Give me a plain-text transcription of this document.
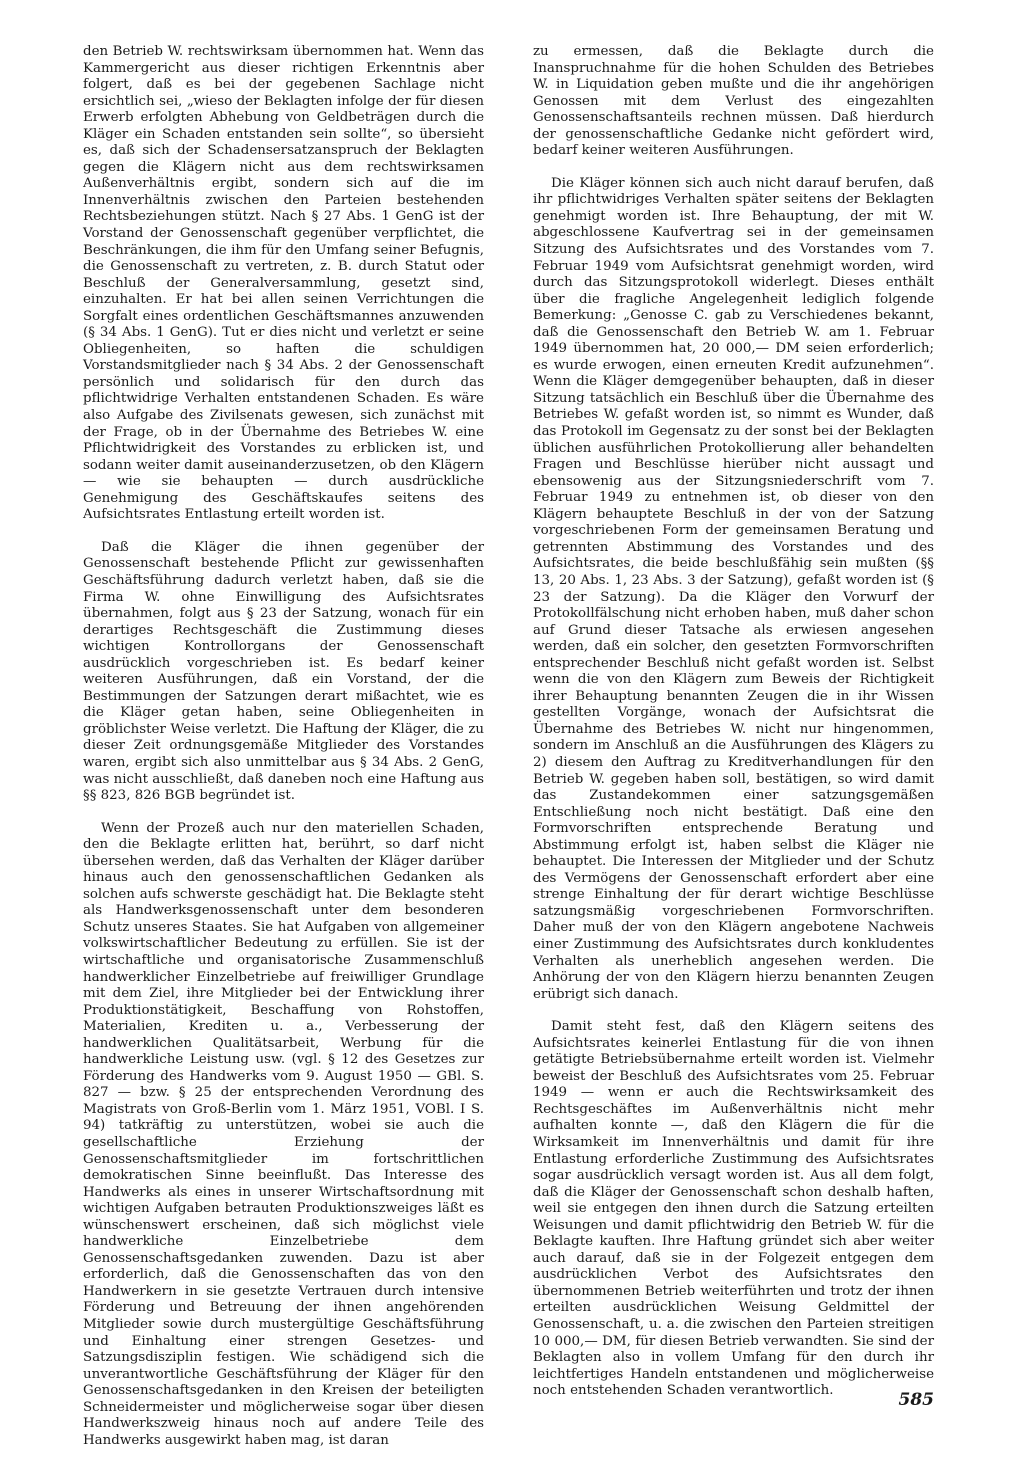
den Betrieb W. rechtswirksam übernommen hat. Wenn das Kammergericht aus dieser richtigen Erkenntnis aber folgert, daß es bei der gegebenen Sachlage nicht ersichtlich sei, „wieso der Beklagten infolge der für diesen Erwerb erfolgten Abhebung von Geldbeträgen durch die Kläger ein Schaden entstanden sein sollte“, so übersieht es, daß sich der Schadensersatzanspruch der Beklagten gegen die Klägern nicht aus dem rechtswirksamen Außenverhältnis ergibt, sondern sich auf die im Innenverhältnis zwischen den Parteien bestehenden Rechtsbeziehungen stützt. Nach § 27 Abs. 1 GenG ist der Vorstand der Genossenschaft gegenüber verpflichtet, die Beschränkungen, die ihm für den Umfang seiner Befugnis, die Genossenschaft zu vertreten, z. B. durch Statut oder Beschluß der Generalversammlung, gesetzt sind, einzuhalten. Er hat bei allen seinen Verrichtungen die Sorgfalt eines ordentlichen Geschäftsmannes anzuwenden (§ 34 Abs. 1 GenG). Tut er dies nicht und verletzt er seine Obliegenheiten, so haften die schuldigen Vorstandsmitglieder nach § 34 Abs. 2 der Genossenschaft persönlich und solidarisch für den durch das pflichtwidrige Verhalten entstandenen Schaden. Es wäre also Aufgabe des Zivilsenats gewesen, sich zunächst mit der Frage, ob in der Übernahme des Betriebes W. eine Pflichtwidrigkeit des Vorstandes zu erblicken ist, und sodann weiter damit auseinanderzusetzen, ob den Klägern — wie sie behaupten — durch ausdrückliche Genehmigung des Geschäftskaufes seitens des Aufsichtsrates Entlastung erteilt worden ist.

Daß die Kläger die ihnen gegenüber der Genossenschaft bestehende Pflicht zur gewissenhaften Geschäftsführung dadurch verletzt haben, daß sie die Firma W. ohne Einwilligung des Aufsichtsrates übernahmen, folgt aus § 23 der Satzung, wonach für ein derartiges Rechtsgeschäft die Zustimmung dieses wichtigen Kontrollorgans der Genossenschaft ausdrücklich vorgeschrieben ist. Es bedarf keiner weiteren Ausführungen, daß ein Vorstand, der die Bestimmungen der Satzungen derart mißachtet, wie es die Kläger getan haben, seine Obliegenheiten in gröblichster Weise verletzt. Die Haftung der Kläger, die zu dieser Zeit ordnungsgemäße Mitglieder des Vorstandes waren, ergibt sich also unmittelbar aus § 34 Abs. 2 GenG, was nicht ausschließt, daß daneben noch eine Haftung aus §§ 823, 826 BGB begründet ist.

Wenn der Prozeß auch nur den materiellen Schaden, den die Beklagte erlitten hat, berührt, so darf nicht übersehen werden, daß das Verhalten der Kläger darüber hinaus auch den genossenschaftlichen Gedanken als solchen aufs schwerste geschädigt hat. Die Beklagte steht als Handwerksgenossenschaft unter dem besonderen Schutz unseres Staates. Sie hat Aufgaben von allgemeiner volkswirtschaftlicher Bedeutung zu erfüllen. Sie ist der wirtschaftliche und organisatorische Zusammenschluß handwerklicher Einzelbetriebe auf freiwilliger Grundlage mit dem Ziel, ihre Mitglieder bei der Entwicklung ihrer Produktionstätigkeit, Beschaffung von Rohstoffen, Materialien, Krediten u. a., Verbesserung der handwerklichen Qualitätsarbeit, Werbung für die handwerkliche Leistung usw. (vgl. § 12 des Gesetzes zur Förderung des Handwerks vom 9. August 1950 — GBl. S. 827 — bzw. § 25 der entsprechenden Verordnung des Magistrats von Groß-Berlin vom 1. März 1951, VOBl. I S. 94) tatkräftig zu unterstützen, wobei sie auch die gesellschaftliche Erziehung der Genossenschaftsmitglieder im fortschrittlichen demokratischen Sinne beeinflußt. Das Interesse des Handwerks als eines in unserer Wirtschaftsordnung mit wichtigen Aufgaben betrauten Produktionszweiges läßt es wünschenswert erscheinen, daß sich möglichst viele handwerkliche Einzelbetriebe dem Genossenschaftsgedanken zuwenden. Dazu ist aber erforderlich, daß die Genossenschaften das von den Handwerkern in sie gesetzte Vertrauen durch intensive Förderung und Betreuung der ihnen angehörenden Mitglieder sowie durch mustergültige Geschäftsführung und Einhaltung einer strengen Gesetzes- und Satzungsdisziplin festigen. Wie schädigend sich die unverantwortliche Geschäftsführung der Kläger für den Genossenschaftsgedanken in den Kreisen der beteiligten Schneidermeister und möglicherweise sogar über diesen Handwerkszweig hinaus noch auf andere Teile des Handwerks ausgewirkt haben mag, ist daran

zu ermessen, daß die Beklagte durch die Inanspruchnahme für die hohen Schulden des Betriebes W. in Liquidation geben mußte und die ihr angehörigen Genossen mit dem Verlust des eingezahlten Genossenschaftsanteils rechnen müssen. Daß hierdurch der genossenschaftliche Gedanke nicht gefördert wird, bedarf keiner weiteren Ausführungen.

Die Kläger können sich auch nicht darauf berufen, daß ihr pflichtwidriges Verhalten später seitens der Beklagten genehmigt worden ist. Ihre Behauptung, der mit W. abgeschlossene Kaufvertrag sei in der gemeinsamen Sitzung des Aufsichtsrates und des Vorstandes vom 7. Februar 1949 vom Aufsichtsrat genehmigt worden, wird durch das Sitzungsprotokoll widerlegt. Dieses enthält über die fragliche Angelegenheit lediglich folgende Bemerkung: „Genosse C. gab zu Verschiedenes bekannt, daß die Genossenschaft den Betrieb W. am 1. Februar 1949 übernommen hat, 20 000,— DM seien erforderlich; es wurde erwogen, einen erneuten Kredit aufzunehmen“. Wenn die Kläger demgegenüber behaupten, daß in dieser Sitzung tatsächlich ein Beschluß über die Übernahme des Betriebes W. gefaßt worden ist, so nimmt es Wunder, daß das Protokoll im Gegensatz zu der sonst bei der Beklagten üblichen ausführlichen Protokollierung aller behandelten Fragen und Beschlüsse hierüber nicht aussagt und ebensowenig aus der Sitzungsniederschrift vom 7. Februar 1949 zu entnehmen ist, ob dieser von den Klägern behauptete Beschluß in der von der Satzung vorgeschriebenen Form der gemeinsamen Beratung und getrennten Abstimmung des Vorstandes und des Aufsichtsrates, die beide beschlußfähig sein mußten (§§ 13, 20 Abs. 1, 23 Abs. 3 der Satzung), gefaßt worden ist (§ 23 der Satzung). Da die Kläger den Vorwurf der Protokollfälschung nicht erhoben haben, muß daher schon auf Grund dieser Tatsache als erwiesen angesehen werden, daß ein solcher, den gesetzten Formvorschriften entsprechender Beschluß nicht gefaßt worden ist. Selbst wenn die von den Klägern zum Beweis der Richtigkeit ihrer Behauptung benannten Zeugen die in ihr Wissen gestellten Vorgänge, wonach der Aufsichtsrat die Übernahme des Betriebes W. nicht nur hingenommen, sondern im Anschluß an die Ausführungen des Klägers zu 2) diesem den Auftrag zu Kreditverhandlungen für den Betrieb W. gegeben haben soll, bestätigen, so wird damit das Zustandekommen einer satzungsgemäßen Entschließung noch nicht bestätigt. Daß eine den Formvorschriften entsprechende Beratung und Abstimmung erfolgt ist, haben selbst die Kläger nie behauptet. Die Interessen der Mitglieder und der Schutz des Vermögens der Genossenschaft erfordert aber eine strenge Einhaltung der für derart wichtige Beschlüsse satzungsmäßig vorgeschriebenen Formvorschriften. Daher muß der von den Klägern angebotene Nachweis einer Zustimmung des Aufsichtsrates durch konkludentes Verhalten als unerheblich angesehen werden. Die Anhörung der von den Klägern hierzu benannten Zeugen erübrigt sich danach.

Damit steht fest, daß den Klägern seitens des Aufsichtsrates keinerlei Entlastung für die von ihnen getätigte Betriebsübernahme erteilt worden ist. Vielmehr beweist der Beschluß des Aufsichtsrates vom 25. Februar 1949 — wenn er auch die Rechtswirksamkeit des Rechtsgeschäftes im Außenverhältnis nicht mehr aufhalten konnte —, daß den Klägern die für die Wirksamkeit im Innenverhältnis und damit für ihre Entlastung erforderliche Zustimmung des Aufsichtsrates sogar ausdrücklich versagt worden ist. Aus all dem folgt, daß die Kläger der Genossenschaft schon deshalb haften, weil sie entgegen den ihnen durch die Satzung erteilten Weisungen und damit pflichtwidrig den Betrieb W. für die Beklagte kauften. Ihre Haftung gründet sich aber weiter auch darauf, daß sie in der Folgezeit entgegen dem ausdrücklichen Verbot des Aufsichtsrates den übernommenen Betrieb weiterführten und trotz der ihnen erteilten ausdrücklichen Weisung Geldmittel der Genossenschaft, u. a. die zwischen den Parteien streitigen 10 000,— DM, für diesen Betrieb verwandten. Sie sind der Beklagten also in vollem Umfang für den durch ihr leichtfertiges Handeln entstandenen und möglicherweise noch entstehenden Schaden verantwortlich.	585
